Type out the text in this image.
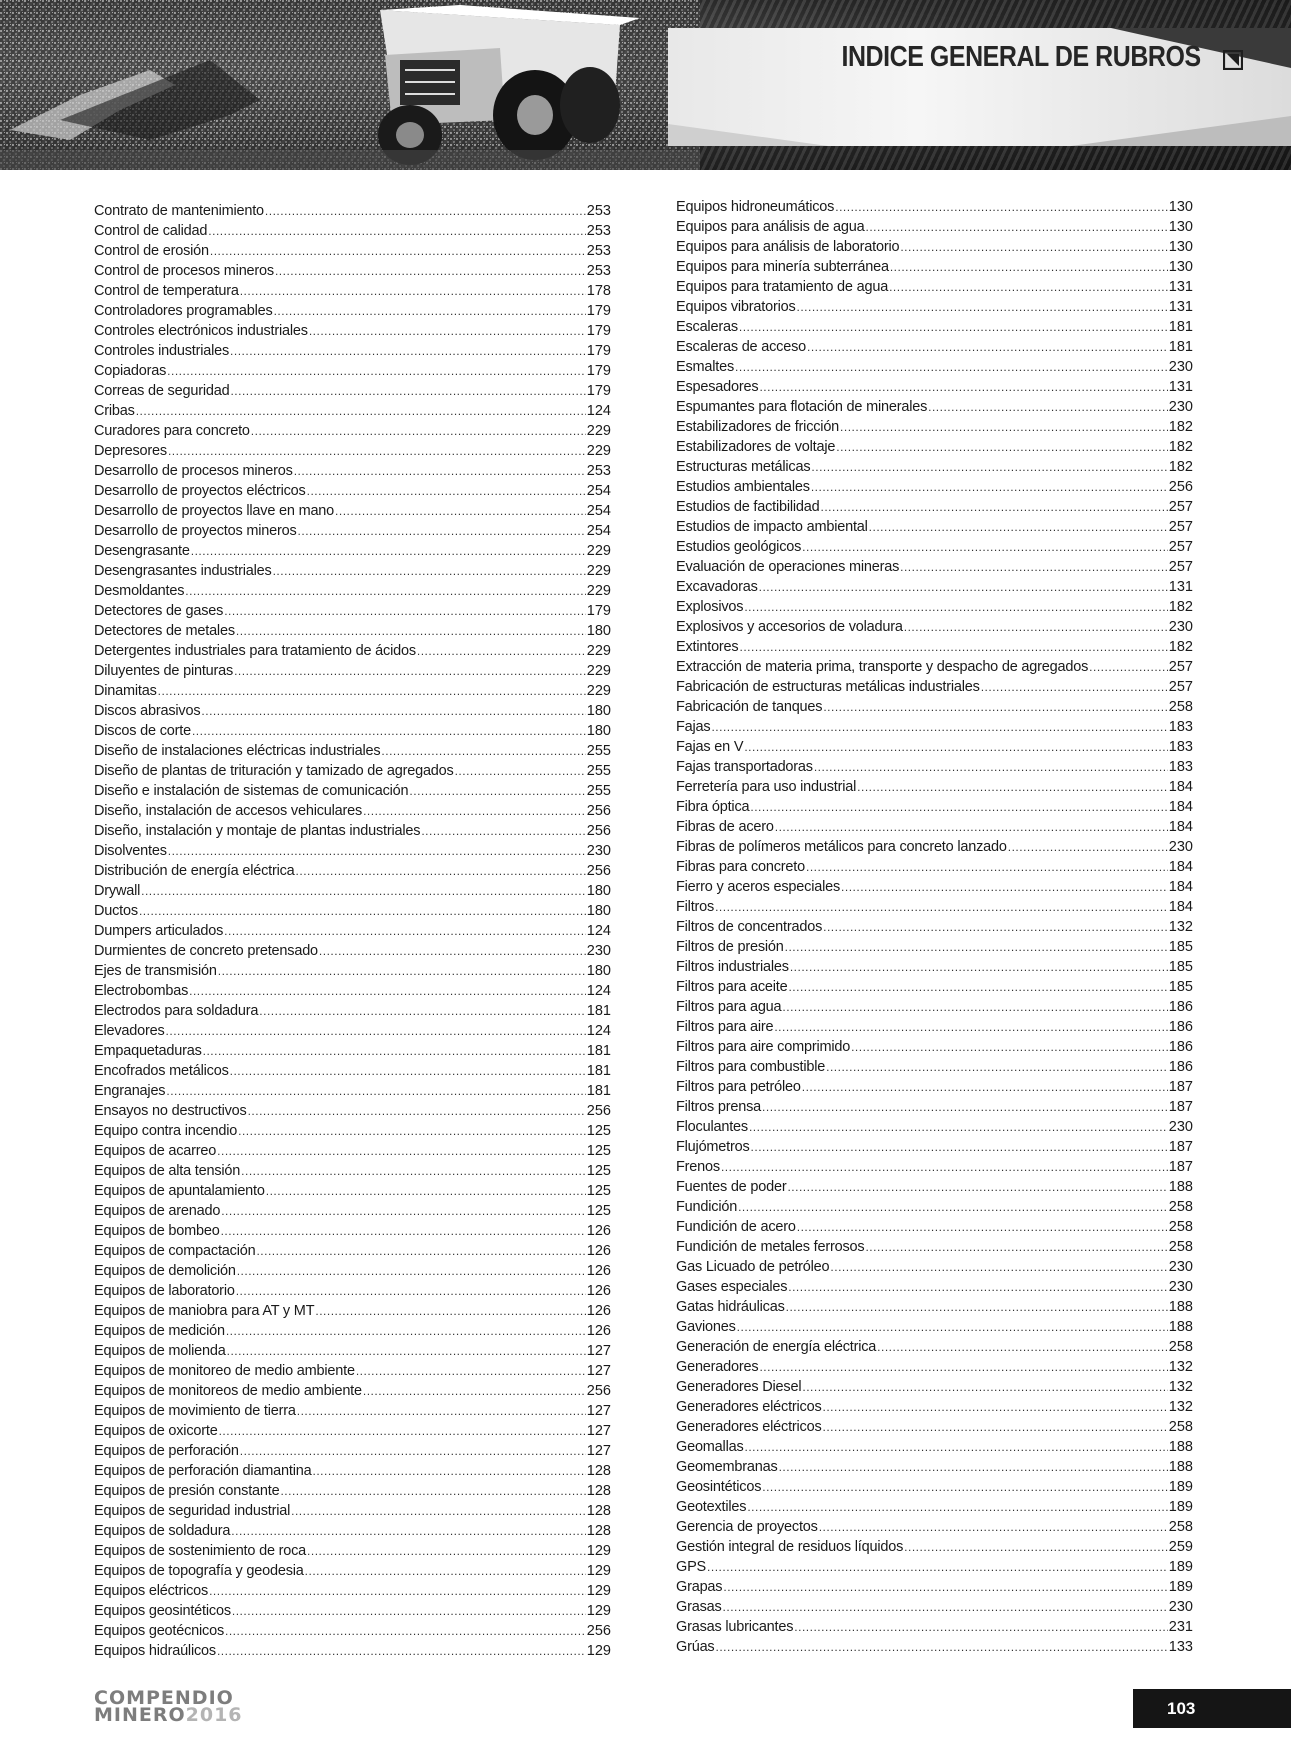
INDICE GENERAL DE RUBROS
Contrato de mantenimiento .....	253
Control de calidad .....	253
Control de erosión .....	253
Control de procesos mineros .....	253
Control de temperatura .....	178
Controladores programables .....	179
Controles electrónicos industriales .....	179
Controles industriales .....	179
Copiadoras .....	179
Correas de seguridad .....	179
Cribas .....	124
Curadores para concreto .....	229
Depresores .....	229
Desarrollo de procesos mineros .....	253
Desarrollo de proyectos eléctricos .....	254
Desarrollo de proyectos llave en mano .....	254
Desarrollo de proyectos mineros .....	254
Desengrasante .....	229
Desengrasantes industriales .....	229
Desmoldantes .....	229
Detectores de gases .....	179
Detectores de metales .....	180
Detergentes industriales para tratamiento de ácidos .....	229
Diluyentes de pinturas .....	229
Dinamitas .....	229
Discos abrasivos .....	180
Discos de corte .....	180
Diseño de instalaciones eléctricas industriales .....	255
Diseño de plantas de trituración y tamizado de agregados .....	255
Diseño e instalación de sistemas de comunicación .....	255
Diseño, instalación de accesos vehiculares .....	256
Diseño, instalación y montaje de plantas industriales .....	256
Disolventes .....	230
Distribución de energía eléctrica .....	256
Drywall .....	180
Ductos .....	180
Dumpers articulados .....	124
Durmientes de concreto pretensado .....	230
Ejes de transmisión .....	180
Electrobombas .....	124
Electrodos para soldadura .....	181
Elevadores .....	124
Empaquetaduras .....	181
Encofrados metálicos .....	181
Engranajes .....	181
Ensayos no destructivos .....	256
Equipo contra incendio .....	125
Equipos de acarreo .....	125
Equipos de alta tensión .....	125
Equipos de apuntalamiento .....	125
Equipos de arenado .....	125
Equipos de bombeo .....	126
Equipos de compactación .....	126
Equipos de demolición .....	126
Equipos de laboratorio .....	126
Equipos de maniobra para AT y MT .....	126
Equipos de medición .....	126
Equipos de molienda .....	127
Equipos de monitoreo de medio ambiente .....	127
Equipos de monitoreos de medio ambiente .....	256
Equipos de movimiento de tierra .....	127
Equipos de oxicorte .....	127
Equipos de perforación .....	127
Equipos de perforación diamantina .....	128
Equipos de presión constante .....	128
Equipos de seguridad industrial .....	128
Equipos de soldadura .....	128
Equipos de sostenimiento de roca .....	129
Equipos de topografía y geodesia .....	129
Equipos eléctricos .....	129
Equipos geosintéticos .....	129
Equipos geotécnicos .....	256
Equipos hidraúlicos .....	129
Equipos hidroneumáticos .....	130
Equipos para análisis de agua .....	130
Equipos para análisis de laboratorio .....	130
Equipos para minería subterránea .....	130
Equipos para tratamiento de agua .....	131
Equipos vibratorios .....	131
Escaleras .....	181
Escaleras de acceso .....	181
Esmaltes .....	230
Espesadores .....	131
Espumantes para flotación de minerales .....	230
Estabilizadores de fricción .....	182
Estabilizadores de voltaje .....	182
Estructuras metálicas .....	182
Estudios ambientales .....	256
Estudios de factibilidad .....	257
Estudios de impacto ambiental .....	257
Estudios geológicos .....	257
Evaluación de operaciones mineras .....	257
Excavadoras .....	131
Explosivos .....	182
Explosivos y accesorios de voladura .....	230
Extintores .....	182
Extracción de materia prima, transporte y despacho de agregados .....	257
Fabricación de estructuras metálicas industriales .....	257
Fabricación de tanques .....	258
Fajas .....	183
Fajas en V .....	183
Fajas transportadoras .....	183
Ferretería para uso industrial .....	184
Fibra óptica .....	184
Fibras de acero .....	184
Fibras de polímeros metálicos para concreto lanzado .....	230
Fibras para concreto .....	184
Fierro y aceros especiales .....	184
Filtros .....	184
Filtros de concentrados .....	132
Filtros de presión .....	185
Filtros industriales .....	185
Filtros para aceite .....	185
Filtros para agua .....	186
Filtros para aire .....	186
Filtros para aire comprimido .....	186
Filtros para combustible .....	186
Filtros para petróleo .....	187
Filtros prensa .....	187
Floculantes .....	230
Flujómetros .....	187
Frenos .....	187
Fuentes de poder .....	188
Fundición .....	258
Fundición de acero .....	258
Fundición de metales ferrosos .....	258
Gas Licuado de petróleo .....	230
Gases especiales .....	230
Gatas hidráulicas .....	188
Gaviones .....	188
Generación de energía eléctrica .....	258
Generadores .....	132
Generadores Diesel .....	132
Generadores eléctricos .....	132
Generadores eléctricos .....	258
Geomallas .....	188
Geomembranas .....	188
Geosintéticos .....	189
Geotextiles .....	189
Gerencia de proyectos .....	258
Gestión integral de residuos líquidos .....	259
GPS .....	189
Grapas .....	189
Grasas .....	230
Grasas lubricantes .....	231
Grúas .....	133
COMPENDIO
MINERO2016	103
